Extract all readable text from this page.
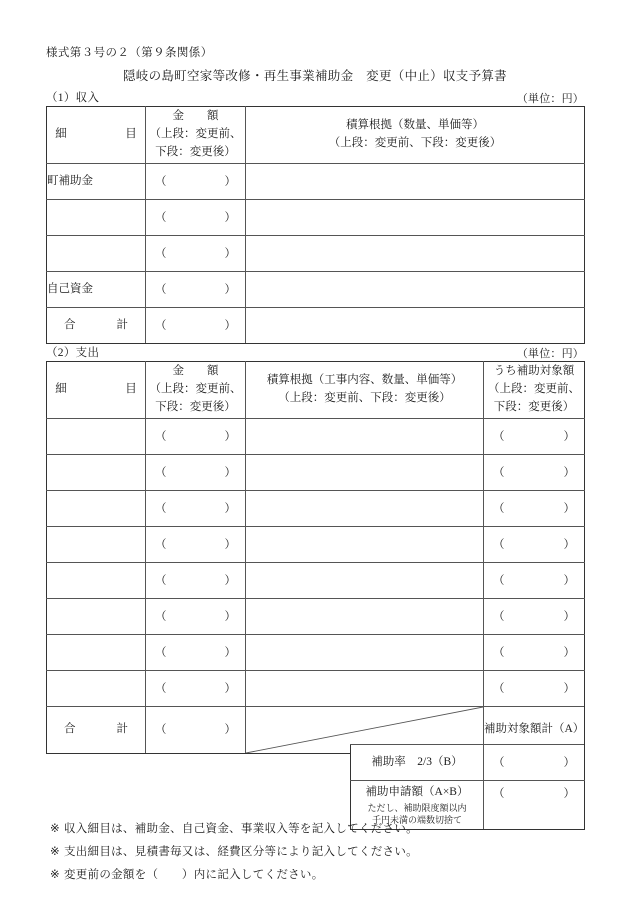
様式第３号の２（第９条関係）
隠岐の島町空家等改修・再生事業補助金　変更（中止）収支予算書
（1）収入	（単位：円）
細　　　目	金　　額
（上段：変更前、
下段：変更後）	積算根拠（数量、単価等）
（上段：変更前、下段：変更後）

町補助金	（ ）	

	（ ）	

	（ ）	

自己資金	（ ）	

合　　計	（ ）	

（2）支出	（単位：円）
細　　　目	金　　額
（上段：変更前、
下段：変更後）	積算根拠（工事内容、数量、単価等）
（上段：変更前、下段：変更後）	うち補助対象額
（上段：変更前、
下段：変更後）	

	（ ）		（ ）	

	（ ）		（ ）	

	（ ）		（ ）	

	（ ）		（ ）	

	（ ）		（ ）	

	（ ）		（ ）	

	（ ）		（ ）	

	（ ）		（ ）	

合　　計	（ ）		補助対象額計（A）	
補助率　2/3（B）	（ ）

補助申請額（A×B）
ただし、補助限度額以内
千円未満の端数切捨て	（ ）
※ 収入細目は、補助金、自己資金、事業収入等を記入してください。
※ 支出細目は、見積書毎又は、経費区分等により記入してください。
※ 変更前の金額を（　　）内に記入してください。
